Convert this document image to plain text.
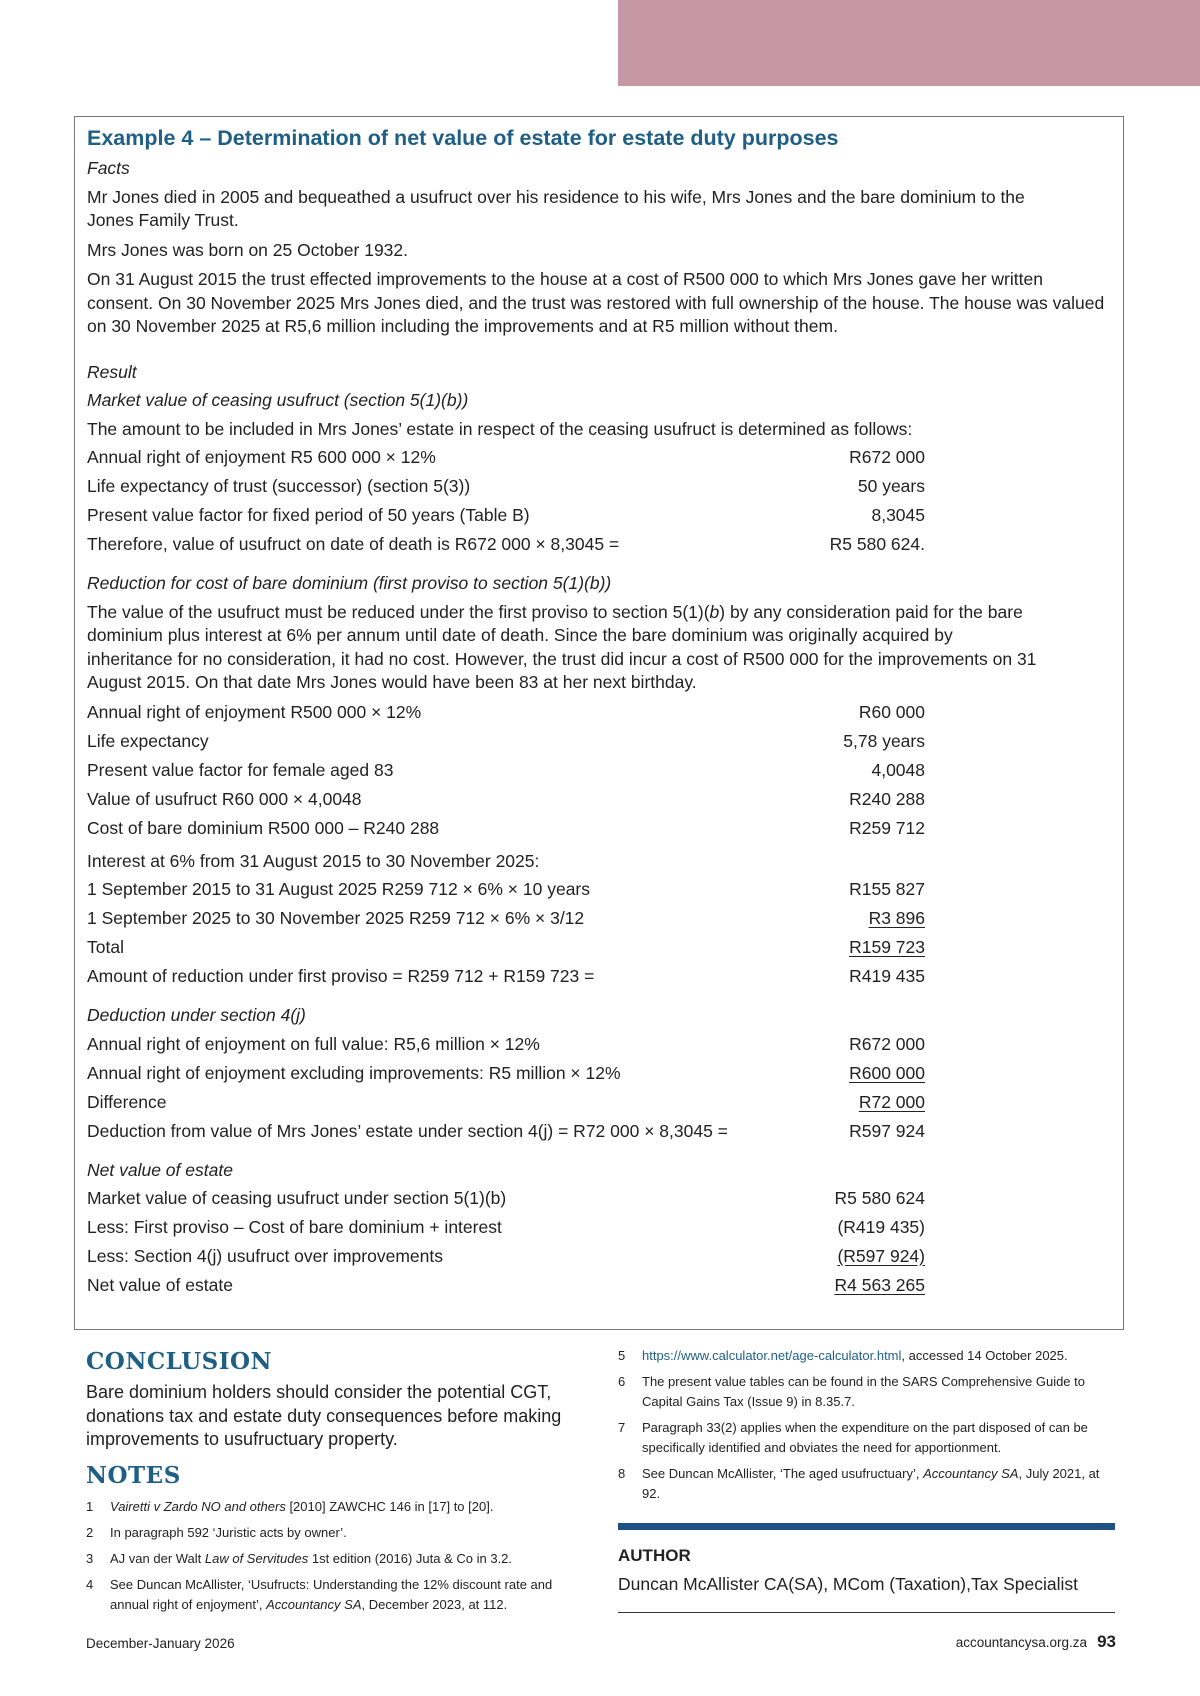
Example 4 – Determination of net value of estate for estate duty purposes
Facts

Mr Jones died in 2005 and bequeathed a usufruct over his residence to his wife, Mrs Jones and the bare dominium to the Jones Family Trust.

Mrs Jones was born on 25 October 1932.

On 31 August 2015 the trust effected improvements to the house at a cost of R500 000 to which Mrs Jones gave her written consent. On 30 November 2025 Mrs Jones died, and the trust was restored with full ownership of the house. The house was valued on 30 November 2025 at R5,6 million including the improvements and at R5 million without them.

Result
Market value of ceasing usufruct (section 5(1)(b))
The amount to be included in Mrs Jones’ estate in respect of the ceasing usufruct is determined as follows:
Annual right of enjoyment R5 600 000 × 12%	R672 000
Life expectancy of trust (successor) (section 5(3))	50 years
Present value factor for fixed period of 50 years (Table B)	8,3045
Therefore, value of usufruct on date of death is R672 000 × 8,3045 =	R5 580 624.
Reduction for cost of bare dominium (first proviso to section 5(1)(b))

The value of the usufruct must be reduced under the first proviso to section 5(1)(b) by any consideration paid for the bare dominium plus interest at 6% per annum until date of death. Since the bare dominium was originally acquired by inheritance for no consideration, it had no cost. However, the trust did incur a cost of R500 000 for the improvements on 31 August 2015. On that date Mrs Jones would have been 83 at her next birthday.

Annual right of enjoyment R500 000 × 12%	R60 000
Life expectancy	5,78 years
Present value factor for female aged 83	4,0048
Value of usufruct R60 000 × 4,0048	R240 288
Cost of bare dominium R500 000 – R240 288	R259 712
Interest at 6% from 31 August 2015 to 30 November 2025:
1 September 2015 to 31 August 2025 R259 712 × 6% × 10 years	R155 827
1 September 2025 to 30 November 2025 R259 712 × 6% × 3/12	R3 896
Total	R159 723
Amount of reduction under first proviso = R259 712 + R159 723 =	R419 435
Deduction under section 4(j)
Annual right of enjoyment on full value: R5,6 million × 12%	R672 000
Annual right of enjoyment excluding improvements: R5 million × 12%	R600 000
Difference	R72 000
Deduction from value of Mrs Jones’ estate under section 4(j) = R72 000 × 8,3045 =	R597 924
Net value of estate
Market value of ceasing usufruct under section 5(1)(b)	R5 580 624
Less: First proviso – Cost of bare dominium + interest	(R419 435)
Less: Section 4(j) usufruct over improvements	(R597 924)
Net value of estate	R4 563 265
CONCLUSION

Bare dominium holders should consider the potential CGT, donations tax and estate duty consequences before making improvements to usufructuary property.

NOTES
1	Vairetti v Zardo NO and others [2010] ZAWCHC 146 in [17] to [20].
2	In paragraph 592 ‘Juristic acts by owner’.
3	AJ van der Walt Law of Servitudes 1st edition (2016) Juta & Co in 3.2.
4	See Duncan McAllister, ‘Usufructs: Understanding the 12% discount rate and annual right of enjoyment’, Accountancy SA, December 2023, at 112.
5	https://www.calculator.net/age-calculator.html, accessed 14 October 2025.
6	The present value tables can be found in the SARS Comprehensive Guide to Capital Gains Tax (Issue 9) in 8.35.7.
7	Paragraph 33(2) applies when the expenditure on the part disposed of can be specifically identified and obviates the need for apportionment.
8	See Duncan McAllister, ‘The aged usufructuary’, Accountancy SA, July 2021, at 92.
AUTHOR
Duncan McAllister CA(SA), MCom (Taxation),Tax Specialist
December-January 2026	accountancysa.org.za 93
